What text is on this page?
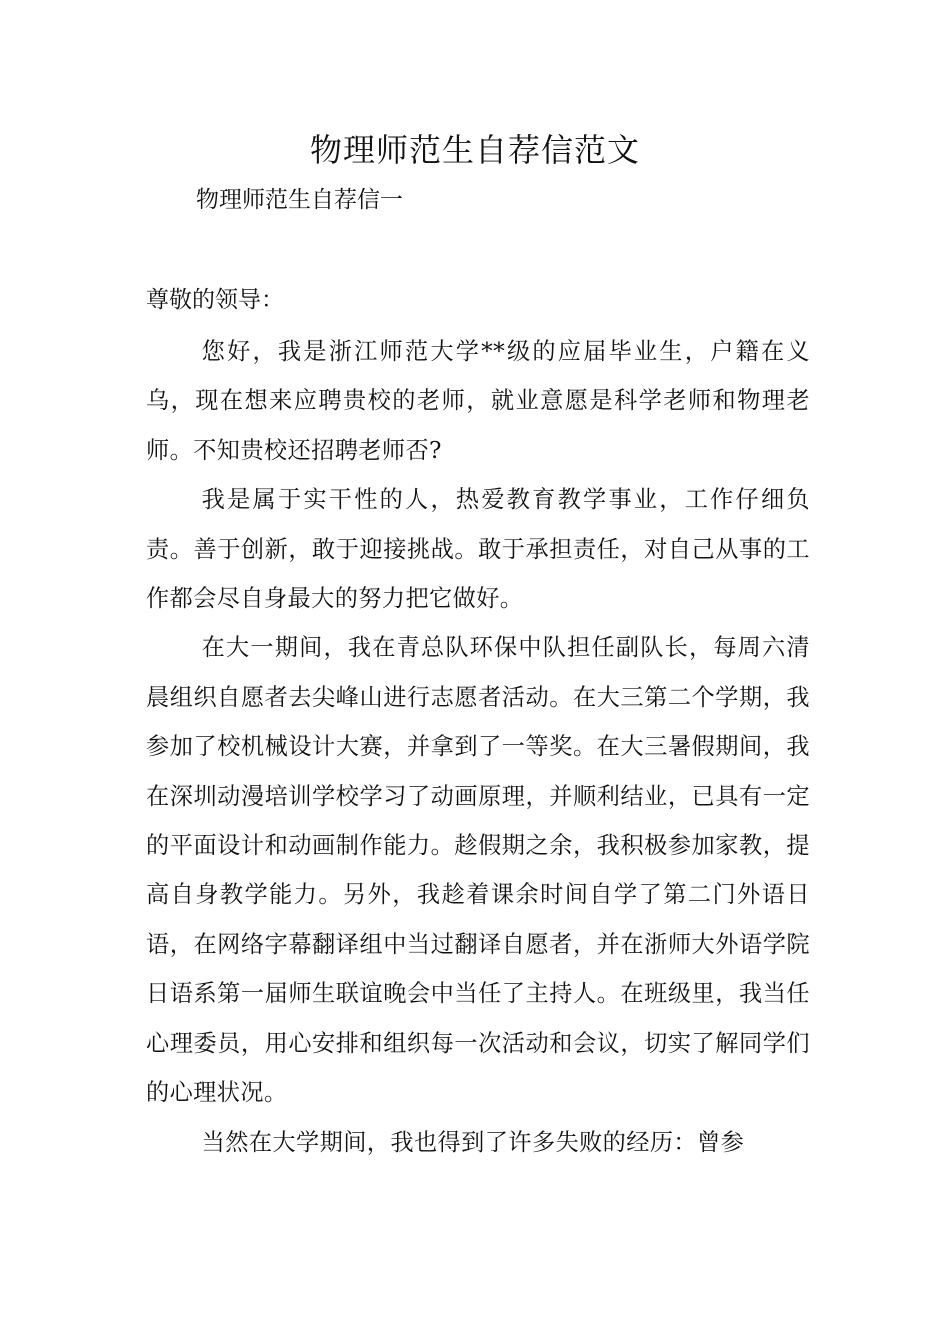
物理师范生自荐信范文

物理师范生自荐信一

尊敬的领导：

您好，我是浙江师范大学**级的应届毕业生，户籍在义乌，现在想来应聘贵校的老师，就业意愿是科学老师和物理老师。不知贵校还招聘老师否?

我是属于实干性的人，热爱教育教学事业，工作仔细负责。善于创新，敢于迎接挑战。敢于承担责任，对自己从事的工作都会尽自身最大的努力把它做好。

在大一期间，我在青总队环保中队担任副队长，每周六清晨组织自愿者去尖峰山进行志愿者活动。在大三第二个学期，我参加了校机械设计大赛，并拿到了一等奖。在大三暑假期间，我在深圳动漫培训学校学习了动画原理，并顺利结业，已具有一定的平面设计和动画制作能力。趁假期之余，我积极参加家教，提高自身教学能力。另外，我趁着课余时间自学了第二门外语日语，在网络字幕翻译组中当过翻译自愿者，并在浙师大外语学院日语系第一届师生联谊晚会中当任了主持人。在班级里，我当任心理委员，用心安排和组织每一次活动和会议，切实了解同学们的心理状况。

当然在大学期间，我也得到了许多失败的经历：曾参
